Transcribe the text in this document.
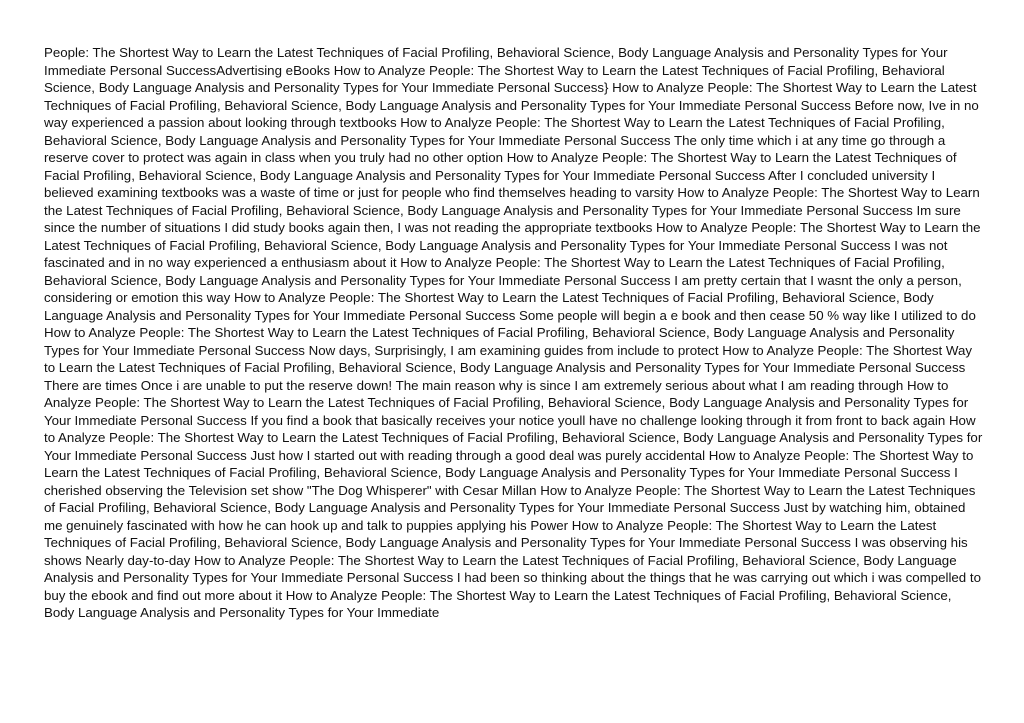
People: The Shortest Way to Learn the Latest Techniques of Facial Profiling, Behavioral Science, Body Language Analysis and Personality Types for Your Immediate Personal SuccessAdvertising eBooks How to Analyze People: The Shortest Way to Learn the Latest Techniques of Facial Profiling, Behavioral Science, Body Language Analysis and Personality Types for Your Immediate Personal Success} How to Analyze People: The Shortest Way to Learn the Latest Techniques of Facial Profiling, Behavioral Science, Body Language Analysis and Personality Types for Your Immediate Personal Success Before now, Ive in no way experienced a passion about looking through textbooks How to Analyze People: The Shortest Way to Learn the Latest Techniques of Facial Profiling, Behavioral Science, Body Language Analysis and Personality Types for Your Immediate Personal Success The only time which i at any time go through a reserve cover to protect was again in class when you truly had no other option How to Analyze People: The Shortest Way to Learn the Latest Techniques of Facial Profiling, Behavioral Science, Body Language Analysis and Personality Types for Your Immediate Personal Success After I concluded university I believed examining textbooks was a waste of time or just for people who find themselves heading to varsity How to Analyze People: The Shortest Way to Learn the Latest Techniques of Facial Profiling, Behavioral Science, Body Language Analysis and Personality Types for Your Immediate Personal Success Im sure since the number of situations I did study books again then, I was not reading the appropriate textbooks How to Analyze People: The Shortest Way to Learn the Latest Techniques of Facial Profiling, Behavioral Science, Body Language Analysis and Personality Types for Your Immediate Personal Success I was not fascinated and in no way experienced a enthusiasm about it How to Analyze People: The Shortest Way to Learn the Latest Techniques of Facial Profiling, Behavioral Science, Body Language Analysis and Personality Types for Your Immediate Personal Success I am pretty certain that I wasnt the only a person, considering or emotion this way How to Analyze People: The Shortest Way to Learn the Latest Techniques of Facial Profiling, Behavioral Science, Body Language Analysis and Personality Types for Your Immediate Personal Success Some people will begin a e book and then cease 50 % way like I utilized to do How to Analyze People: The Shortest Way to Learn the Latest Techniques of Facial Profiling, Behavioral Science, Body Language Analysis and Personality Types for Your Immediate Personal Success Now days, Surprisingly, I am examining guides from include to protect How to Analyze People: The Shortest Way to Learn the Latest Techniques of Facial Profiling, Behavioral Science, Body Language Analysis and Personality Types for Your Immediate Personal Success There are times Once i are unable to put the reserve down! The main reason why is since I am extremely serious about what I am reading through How to Analyze People: The Shortest Way to Learn the Latest Techniques of Facial Profiling, Behavioral Science, Body Language Analysis and Personality Types for Your Immediate Personal Success If you find a book that basically receives your notice youll have no challenge looking through it from front to back again How to Analyze People: The Shortest Way to Learn the Latest Techniques of Facial Profiling, Behavioral Science, Body Language Analysis and Personality Types for Your Immediate Personal Success Just how I started out with reading through a good deal was purely accidental How to Analyze People: The Shortest Way to Learn the Latest Techniques of Facial Profiling, Behavioral Science, Body Language Analysis and Personality Types for Your Immediate Personal Success I cherished observing the Television set show "The Dog Whisperer" with Cesar Millan How to Analyze People: The Shortest Way to Learn the Latest Techniques of Facial Profiling, Behavioral Science, Body Language Analysis and Personality Types for Your Immediate Personal Success Just by watching him, obtained me genuinely fascinated with how he can hook up and talk to puppies applying his Power How to Analyze People: The Shortest Way to Learn the Latest Techniques of Facial Profiling, Behavioral Science, Body Language Analysis and Personality Types for Your Immediate Personal Success I was observing his shows Nearly day-to-day How to Analyze People: The Shortest Way to Learn the Latest Techniques of Facial Profiling, Behavioral Science, Body Language Analysis and Personality Types for Your Immediate Personal Success I had been so thinking about the things that he was carrying out which i was compelled to buy the ebook and find out more about it How to Analyze People: The Shortest Way to Learn the Latest Techniques of Facial Profiling, Behavioral Science, Body Language Analysis and Personality Types for Your Immediate
